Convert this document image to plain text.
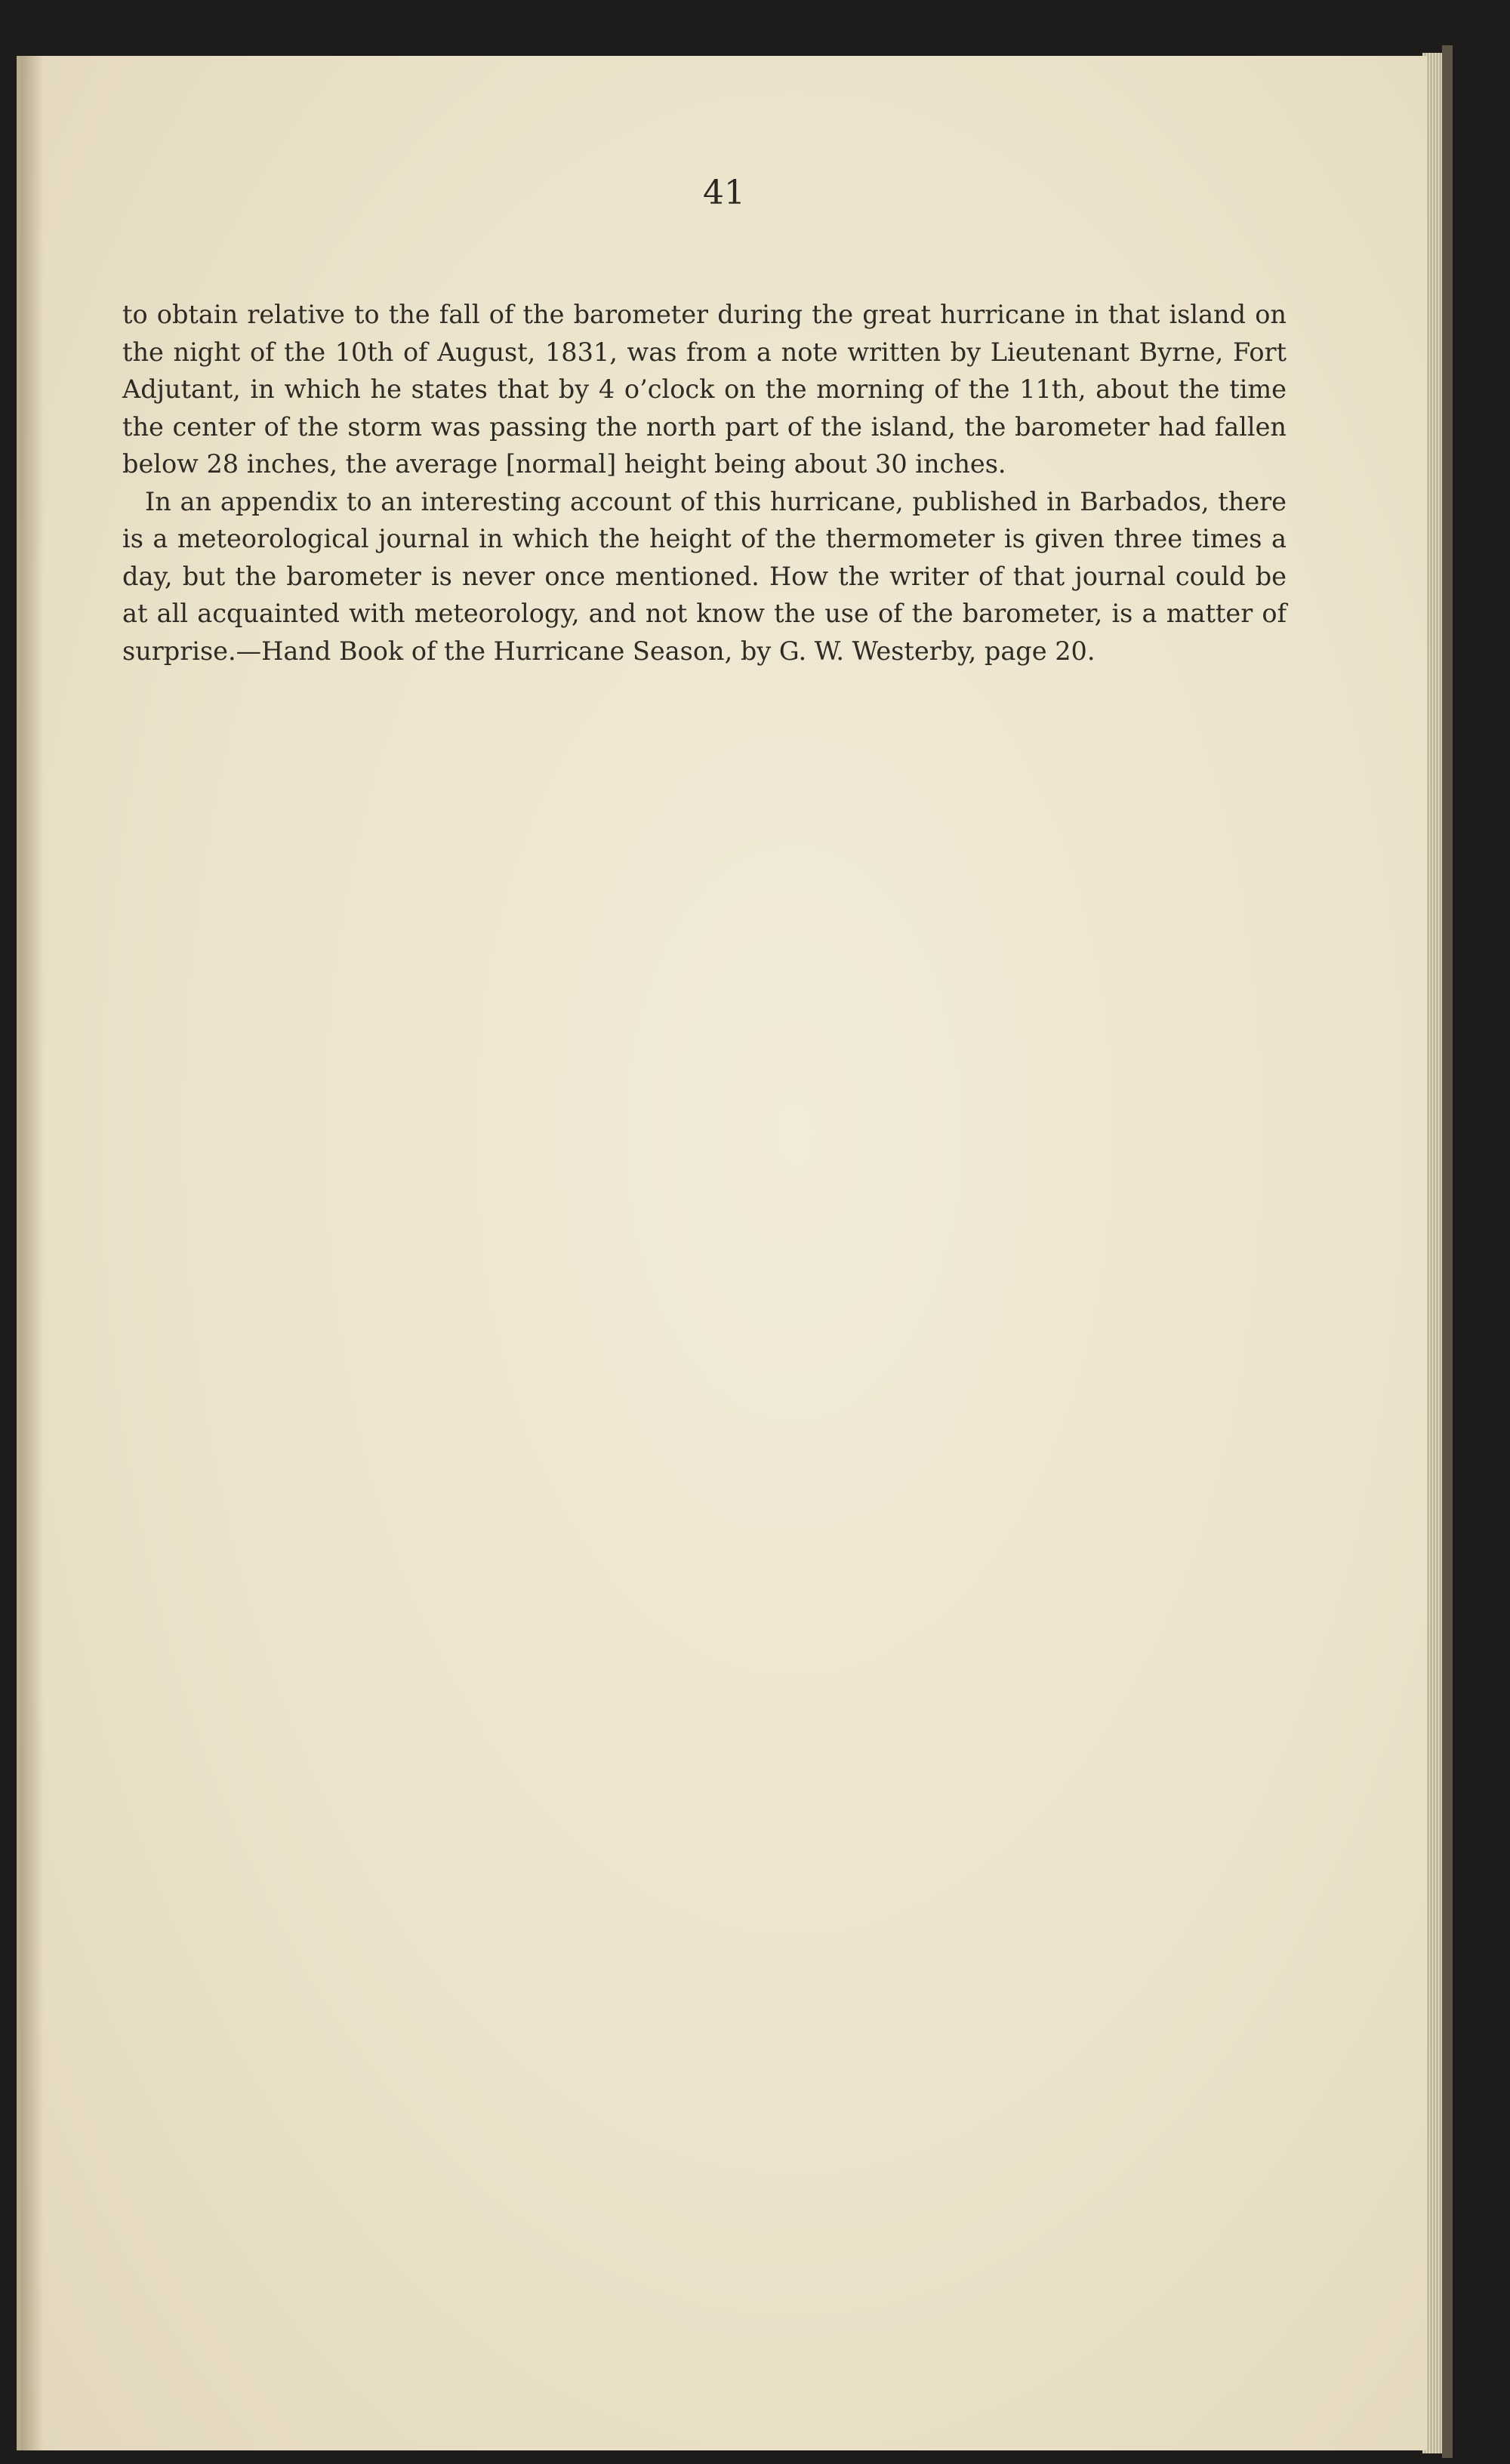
41

to obtain relative to the fall of the barometer during the great hurricane in that island on the night of the 10th of August, 1831, was from a note written by Lieutenant Byrne, Fort Adjutant, in which he states that by 4 o’clock on the morning of the 11th, about the time the center of the storm was passing the north part of the island, the barometer had fallen below 28 inches, the average [normal] height being about 30 inches.

In an appendix to an interesting account of this hurricane, published in Barbados, there is a meteorological journal in which the height of the thermometer is given three times a day, but the barometer is never once mentioned. How the writer of that journal could be at all acquainted with meteorology, and not know the use of the barometer, is a matter of surprise.—Hand Book of the Hurricane Season, by G. W. Westerby, page 20.
